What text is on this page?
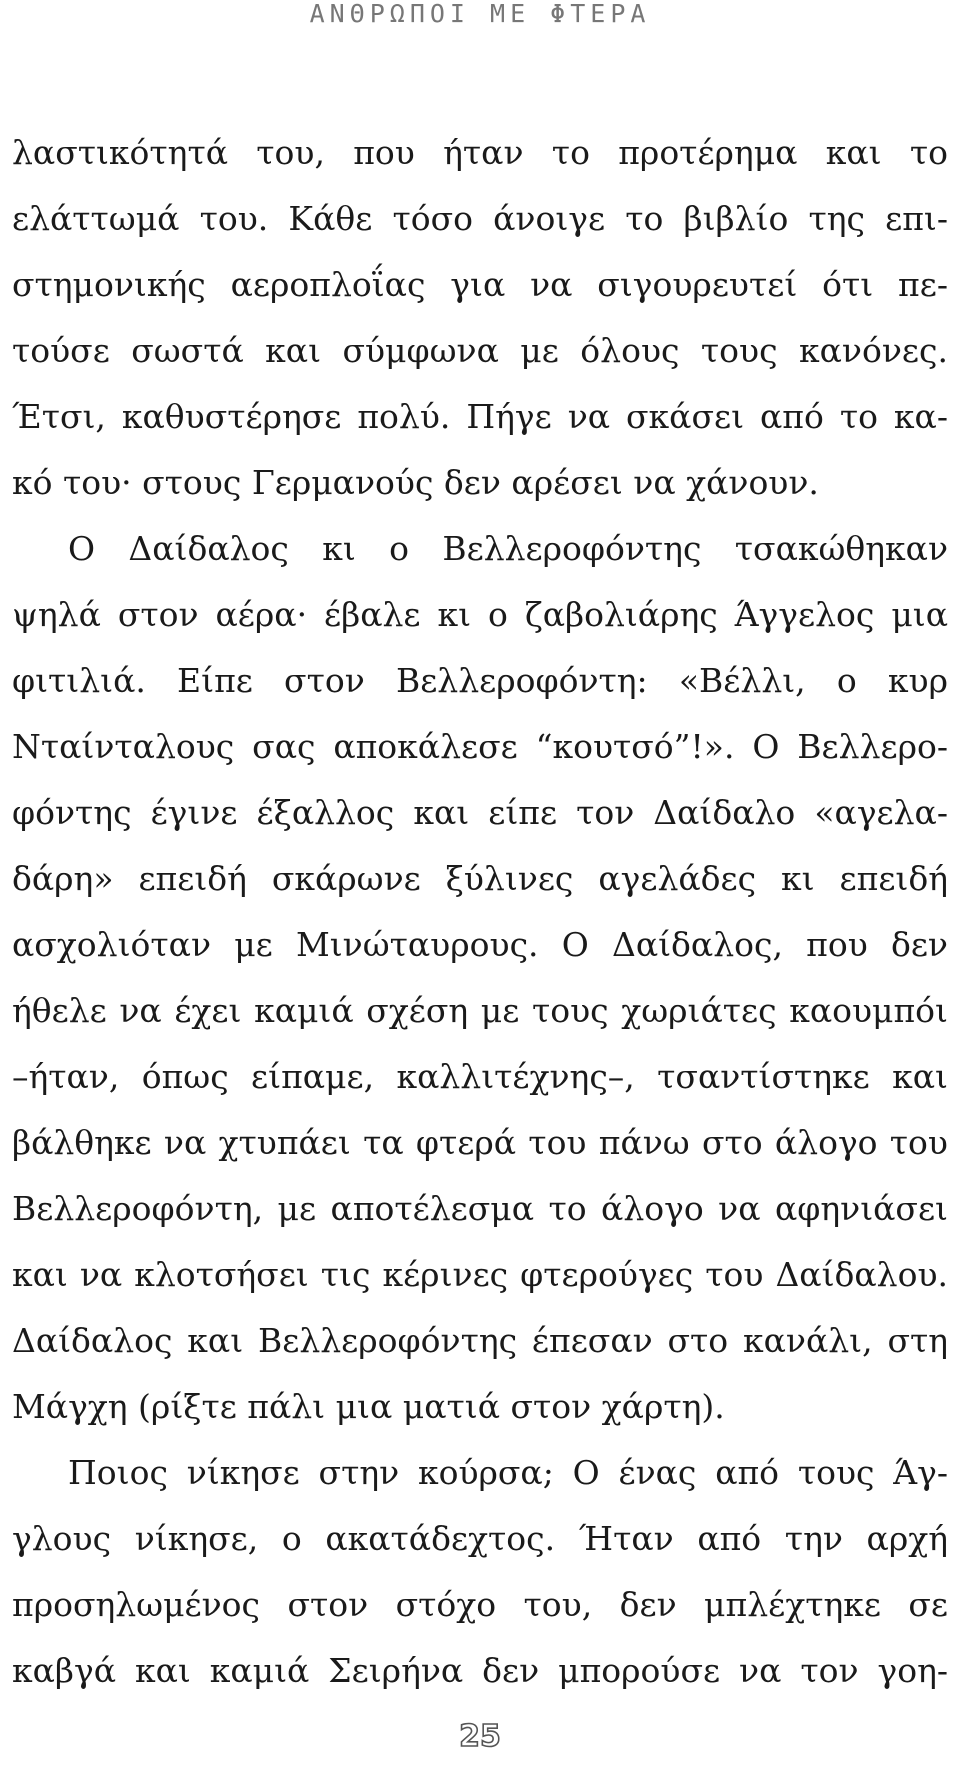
ΑΝΘΡΩΠΟΙ ΜΕ ΦΤΕΡΑ
λαστικότητά του, που ήταν το προτέρημα και το
ελάττωμά του. Κάθε τόσο άνοιγε το βιβλίο της επι-
στημονικής αεροπλοΐας για να σιγουρευτεί ότι πε-
τούσε σωστά και σύμφωνα με όλους τους κανόνες.
Έτσι, καθυστέρησε πολύ. Πήγε να σκάσει από το κα-
κό του· στους Γερμανούς δεν αρέσει να χάνουν.
Ο Δαίδαλος κι ο Βελλεροφόντης τσακώθηκαν
ψηλά στον αέρα· έβαλε κι ο ζαβολιάρης Άγγελος μια
φιτιλιά. Είπε στον Βελλεροφόντη: «Βέλλι, ο κυρ
Νταίνταλους σας αποκάλεσε “κουτσό”!». Ο Βελλερο-
φόντης έγινε έξαλλος και είπε τον Δαίδαλο «αγελα-
δάρη» επειδή σκάρωνε ξύλινες αγελάδες κι επειδή
ασχολιόταν με Μινώταυρους. Ο Δαίδαλος, που δεν
ήθελε να έχει καμιά σχέση με τους χωριάτες καουμπόι
–ήταν, όπως είπαμε, καλλιτέχνης–, τσαντίστηκε και
βάλθηκε να χτυπάει τα φτερά του πάνω στο άλογο του
Βελλεροφόντη, με αποτέλεσμα το άλογο να αφηνιάσει
και να κλοτσήσει τις κέρινες φτερούγες του Δαίδαλου.
Δαίδαλος και Βελλεροφόντης έπεσαν στο κανάλι, στη
Μάγχη (ρίξτε πάλι μια ματιά στον χάρτη).
Ποιος νίκησε στην κούρσα; Ο ένας από τους Άγ-
γλους νίκησε, ο ακατάδεχτος. Ήταν από την αρχή
προσηλωμένος στον στόχο του, δεν μπλέχτηκε σε
καβγά και καμιά Σειρήνα δεν μπορούσε να τον γοη-
25
